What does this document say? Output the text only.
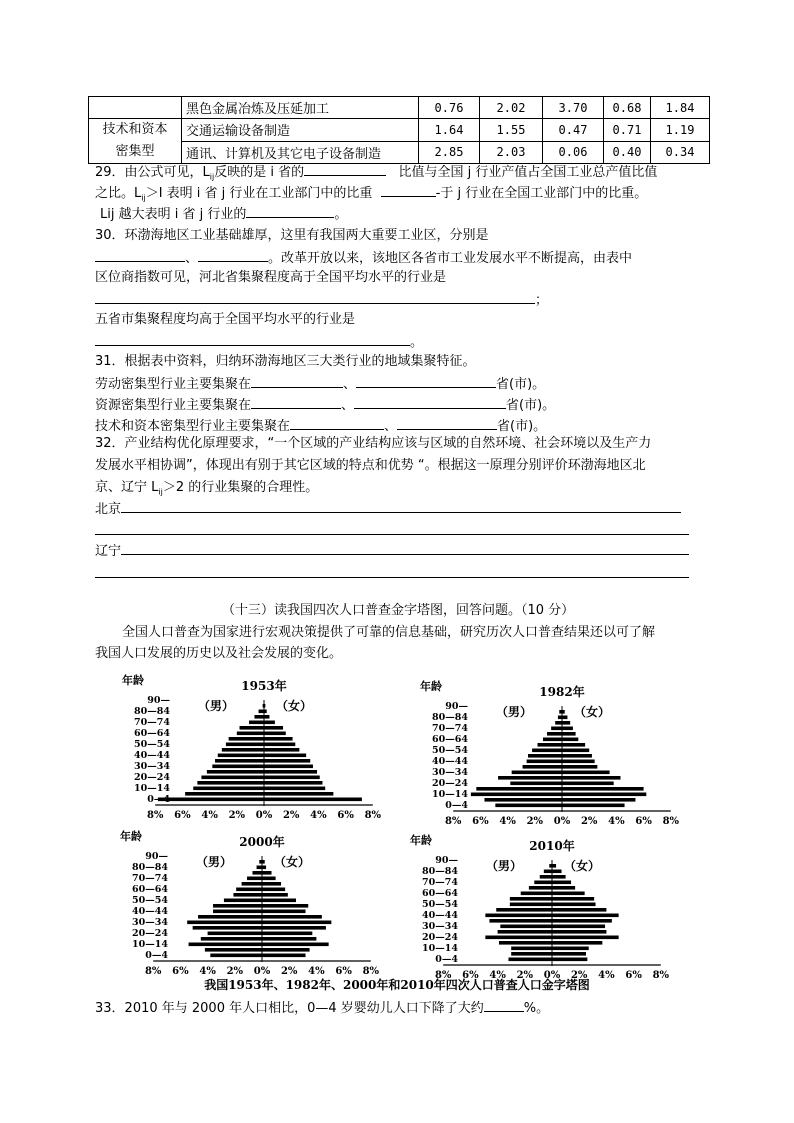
	黑色金属冶炼及压延加工	0.76	2.02	3.70	0.68	1.84
技术和资本
密集型	交通运输设备制造	1.64	1.55	0.47	0.71	1.19
	通讯、计算机及其它电子设备制造	2.85	2.03	0.06	0.40	0.34
29．由公式可见，$L_{ij}$反映的是 i 省的	比值与全国 j 行业产值占全国工业总产值比值
之比。$L_{ij}>I$ 表明 i 省 j 行业在工业部门中的比重	-于 j 行业在全国工业部门中的比重。
Lij 越大表明 i 省 j 行业的	。
30．环渤海地区工业基础雄厚，这里有我国两大重要工业区，分别是
、	。改革开放以来，该地区各省市工业发展水平不断提高，由表中
区位商指数可见，河北省集聚程度高于全国平均水平的行业是
；
五省市集聚程度均高于全国平均水平的行业是
。
31．根据表中资料，归纳环渤海地区三大类行业的地域集聚特征。
劳动密集型行业主要集聚在	、	省(市)。
资源密集型行业主要集聚在	、	省(市)。
技术和资本密集型行业主要集聚在	、	省(市)。
32．产业结构优化原理要求，“一个区域的产业结构应该与区域的自然环境、社会环境以及生产力
发展水平相协调”，体现出有别于其它区域的特点和优势 “。根据这一原理分别评价环渤海地区北
京、辽宁 $L_{ij}>2$ 的行业集聚的合理性。
北京
辽宁
（十三）读我国四次人口普查金字塔图，回答问题。（10 分）
全国人口普查为国家进行宏观决策提供了可靠的信息基础，研究历次人口普查结果还以可了解
我国人口发展的历史以及社会发展的变化。
年龄	1953年
（男）	（女）
0—4
10—14
20—24
30—34
40—44
50—54
60—64
70—74
80—84
90—
8% 6% 4% 2% 0% 2% 4% 6% 8%
年龄	1982年
（男）	（女）
0—4
10—14
20—24
30—34
40—44
50—54
60—64
70—74
80—84
90—
8% 6% 4% 2% 0% 2% 4% 6% 8%
年龄	2000年
（男）	（女）
0—4
10—14
20—24
30—34
40—44
50—54
60—64
70—74
80—84
90—
8% 6% 4% 2% 0% 2% 4% 6% 8%
年龄	2010年
（男）	（女）
0—4
10—14
20—24
30—34
40—44
50—54
60—64
70—74
80—84
90—
8% 6% 4% 2% 0% 2% 4% 6% 8%
我国1953年、1982年、2000年和2010年四次人口普查人口金字塔图
33．2010 年与 2000 年人口相比，0—4 岁婴幼儿人口下降了大约	%。
